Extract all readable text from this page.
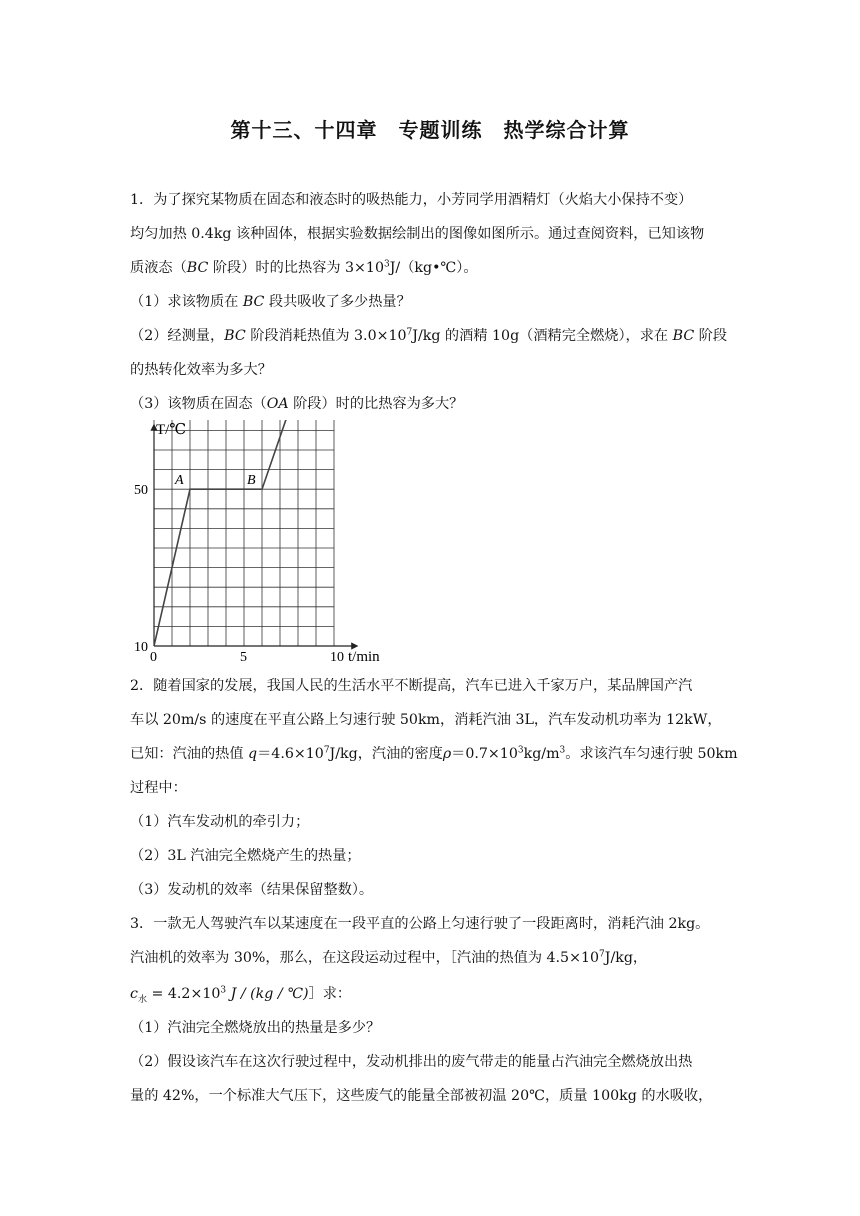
第十三、十四章　专题训练　热学综合计算
1．为了探究某物质在固态和液态时的吸热能力，小芳同学用酒精灯（火焰大小保持不变）
均匀加热 0.4kg 该种固体，根据实验数据绘制出的图像如图所示。通过查阅资料，已知该物
质液态（BC 阶段）时的比热容为 $3\times 10^3J/(kg•℃)$。
（1）求该物质在 BC 段共吸收了多少热量？
（2）经测量，BC 阶段消耗热值为 $3.0\times 10^7J/kg$ 的酒精 10g（酒精完全燃烧），求在 BC 阶段
的热转化效率为多大？
（3）该物质在固态（OA 阶段）时的比热容为多大？
0	5	10
10
50
A	B
T/℃
t/min
2．随着国家的发展，我国人民的生活水平不断提高，汽车已进入千家万户，某品牌国产汽
车以 20m/s 的速度在平直公路上匀速行驶 50km，消耗汽油 3L，汽车发动机功率为 12kW，
已知：汽油的热值 $q=4.6\times 10^7J/kg$，汽油的密度$\rho=0.7\times 10^3kg/m^3$。求该汽车匀速行驶 50km
过程中：
（1）汽车发动机的牵引力；
（2）3L 汽油完全燃烧产生的热量；
（3）发动机的效率（结果保留整数）。
3．一款无人驾驶汽车以某速度在一段平直的公路上匀速行驶了一段距离时，消耗汽油 2kg。
汽油机的效率为 30%，那么，在这段运动过程中，［汽油的热值为 $4.5\times 10^7J/kg$，
$c_水 = 4.2\times 10^3$ J / (kg / ℃)］求：
（1）汽油完全燃烧放出的热量是多少？
（2）假设该汽车在这次行驶过程中，发动机排出的废气带走的能量占汽油完全燃烧放出热
量的 42%，一个标准大气压下，这些废气的能量全部被初温 20℃，质量 100kg 的水吸收，
